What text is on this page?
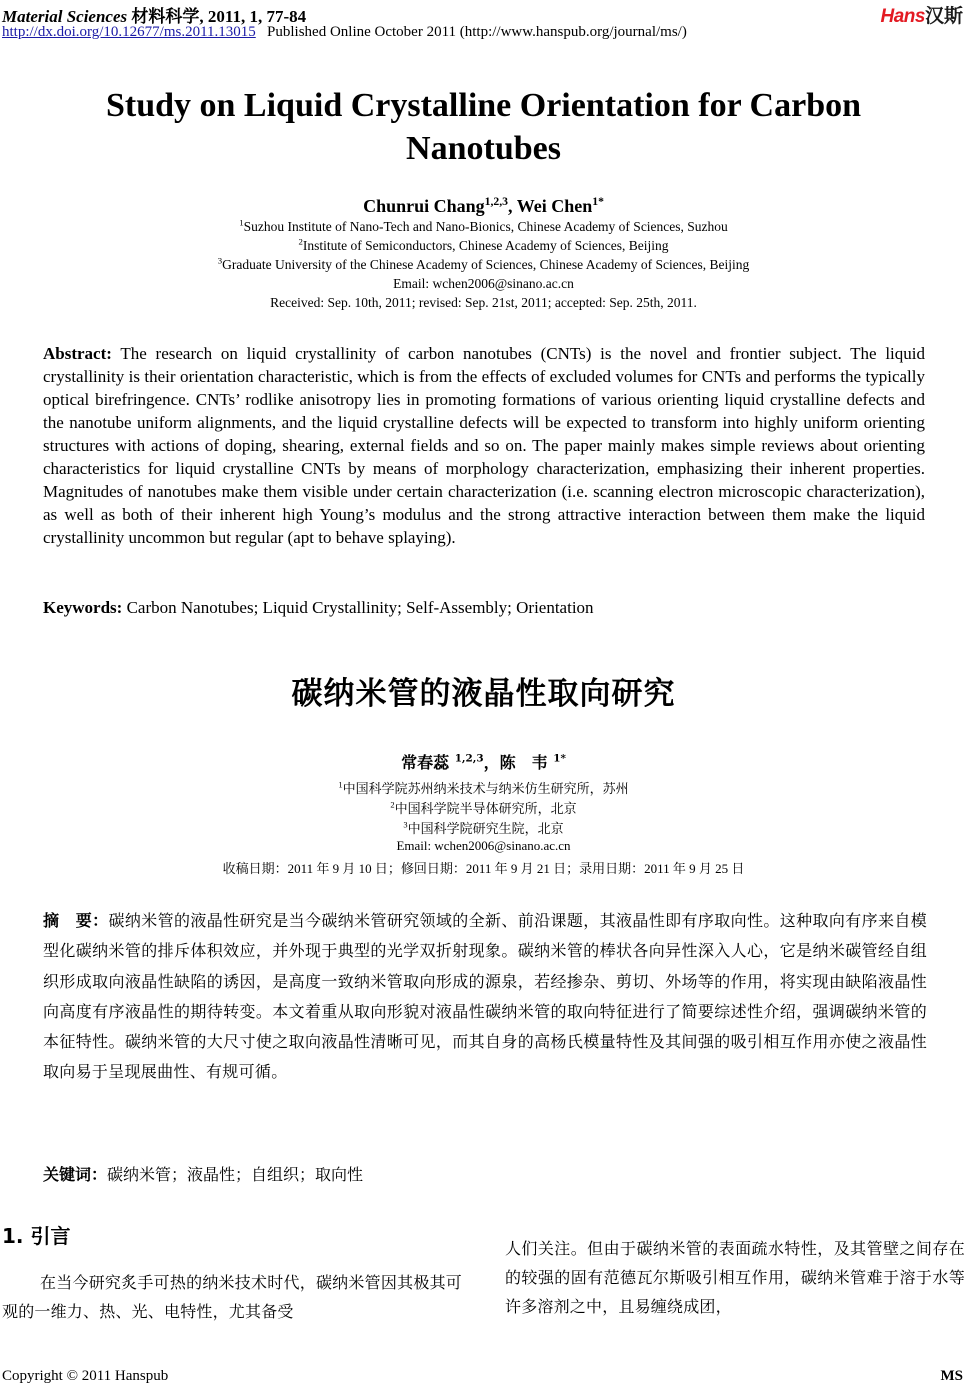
Material Sciences 材料科学, 2011, 1, 77-84
http://dx.doi.org/10.12677/ms.2011.13015 Published Online October 2011 (http://www.hanspub.org/journal/ms/)
Hans汉斯
Study on Liquid Crystalline Orientation for Carbon Nanotubes
Chunrui Chang$^{1,2,3}$, Wei Chen$^{1*}$
$^1$Suzhou Institute of Nano-Tech and Nano-Bionics, Chinese Academy of Sciences, Suzhou
$^2$Institute of Semiconductors, Chinese Academy of Sciences, Beijing
$^3$Graduate University of the Chinese Academy of Sciences, Chinese Academy of Sciences, Beijing
Email: wchen2006@sinano.ac.cn
Received: Sep. 10th, 2011; revised: Sep. 21st, 2011; accepted: Sep. 25th, 2011.
Abstract: The research on liquid crystallinity of carbon nanotubes (CNTs) is the novel and frontier subject. The liquid crystallinity is their orientation characteristic, which is from the effects of excluded volumes for CNTs and performs the typically optical birefringence. CNTs’ rodlike anisotropy lies in promoting formations of various orienting liquid crystalline defects and the nanotube uniform alignments, and the liquid crystalline defects will be expected to transform into highly uniform orienting structures with actions of doping, shearing, external fields and so on. The paper mainly makes simple reviews about orienting characteristics for liquid crystalline CNTs by means of morphology characterization, emphasizing their inherent properties. Magnitudes of nanotubes make them visible under certain characterization (i.e. scanning electron microscopic characterization), as well as both of their inherent high Young’s modulus and the strong attractive interaction between them make the liquid crystallinity uncommon but regular (apt to behave splaying).
Keywords: Carbon Nanotubes; Liquid Crystallinity; Self-Assembly; Orientation
碳纳米管的液晶性取向研究
常春蕊 $^{1,2,3}$，陈　韦 $^{1*}$
$^1$中国科学院苏州纳米技术与纳米仿生研究所，苏州
$^2$中国科学院半导体研究所，北京
$^3$中国科学院研究生院，北京
Email: wchen2006@sinano.ac.cn
收稿日期：2011 年 9 月 10 日；修回日期：2011 年 9 月 21 日；录用日期：2011 年 9 月 25 日
摘　要：碳纳米管的液晶性研究是当今碳纳米管研究领域的全新、前沿课题，其液晶性即有序取向性。这种取向有序来自模型化碳纳米管的排斥体积效应，并外现于典型的光学双折射现象。碳纳米管的棒状各向异性深入人心，它是纳米碳管经自组织形成取向液晶性缺陷的诱因，是高度一致纳米管取向形成的源泉，若经掺杂、剪切、外场等的作用，将实现由缺陷液晶性向高度有序液晶性的期待转变。本文着重从取向形貌对液晶性碳纳米管的取向特征进行了简要综述性介绍，强调碳纳米管的本征特性。碳纳米管的大尺寸使之取向液晶性清晰可见，而其自身的高杨氏模量特性及其间强的吸引相互作用亦使之液晶性取向易于呈现展曲性、有规可循。
关键词：碳纳米管；液晶性；自组织；取向性
1. 引言
在当今研究炙手可热的纳米技术时代，碳纳米管因其极其可观的一维力、热、光、电特性，尤其备受
人们关注。但由于碳纳米管的表面疏水特性，及其管壁之间存在的较强的固有范德瓦尔斯吸引相互作用，碳纳米管难于溶于水等许多溶剂之中，且易缠绕成团，
Copyright © 2011 Hanspub	MS
